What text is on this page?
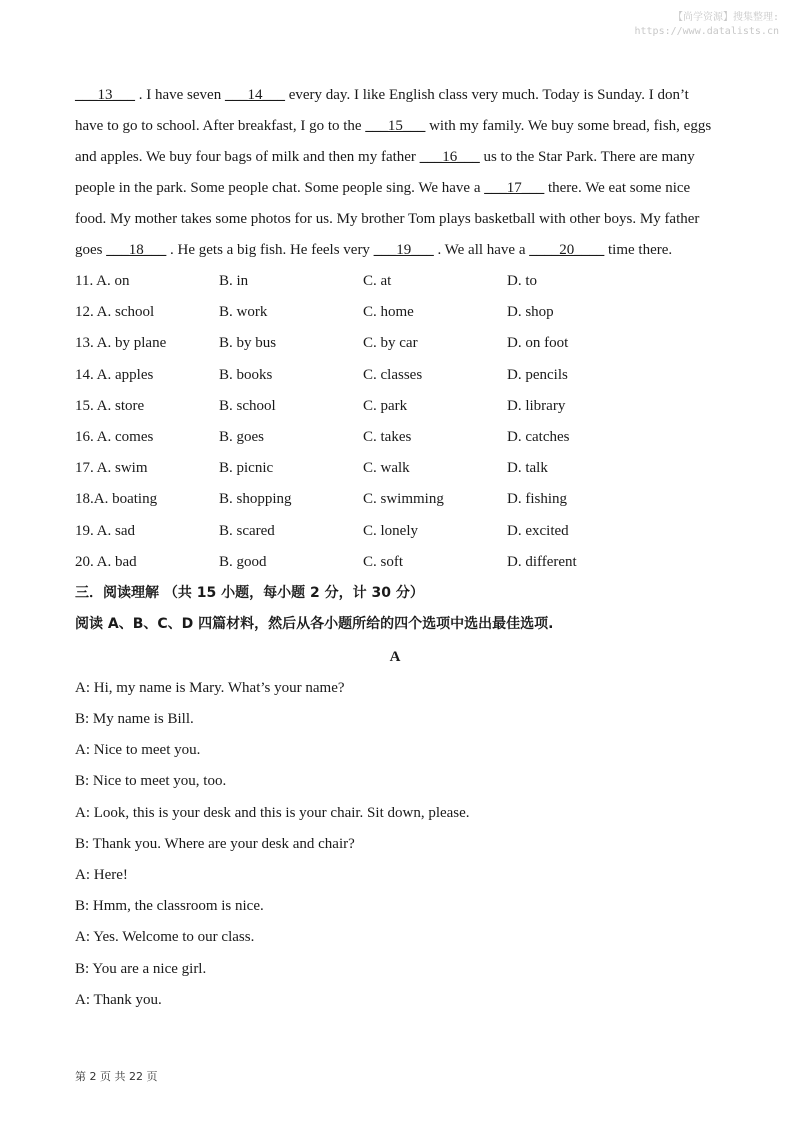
【尚学资源】搜集整理:
https://www.datalists.cn

___13___ . I have seven ___14___ every day. I like English class very much. Today is Sunday. I don’t have to go to school. After breakfast, I go to the ___15___ with my family. We buy some bread, fish, eggs and apples. We buy four bags of milk and then my father ___16___ us to the Star Park. There are many people in the park. Some people chat. Some people sing. We have a ___17___ there. We eat some nice food. My mother takes some photos for us. My brother Tom plays basketball with other boys. My father goes ___18___ . He gets a big fish. He feels very ___19___ . We all have a ____20____ time there.

11. A. on	B. in	C. at	D. to
12. A. school	B. work	C. home	D. shop
13. A. by plane	B. by bus	C. by car	D. on foot
14. A. apples	B. books	C. classes	D. pencils
15. A. store	B. school	C. park	D. library
16. A. comes	B. goes	C. takes	D. catches
17. A. swim	B. picnic	C. walk	D. talk
18.A. boating	B. shopping	C. swimming	D. fishing
19. A. sad	B. scared	C. lonely	D. excited
20. A. bad	B. good	C. soft	D. different
三．阅读理解 （共 15 小题，每小题 2 分，计 30 分）
阅读 A、B、C、D 四篇材料，然后从各小题所给的四个选项中选出最佳选项.
A
A: Hi, my name is Mary. What’s your name?
B: My name is Bill.
A: Nice to meet you.
B: Nice to meet you, too.
A: Look, this is your desk and this is your chair. Sit down, please.
B: Thank you. Where are your desk and chair?
A: Here!
B: Hmm, the classroom is nice.
A: Yes. Welcome to our class.
B: You are a nice girl.
A: Thank you.
第 2 页 共 22 页
